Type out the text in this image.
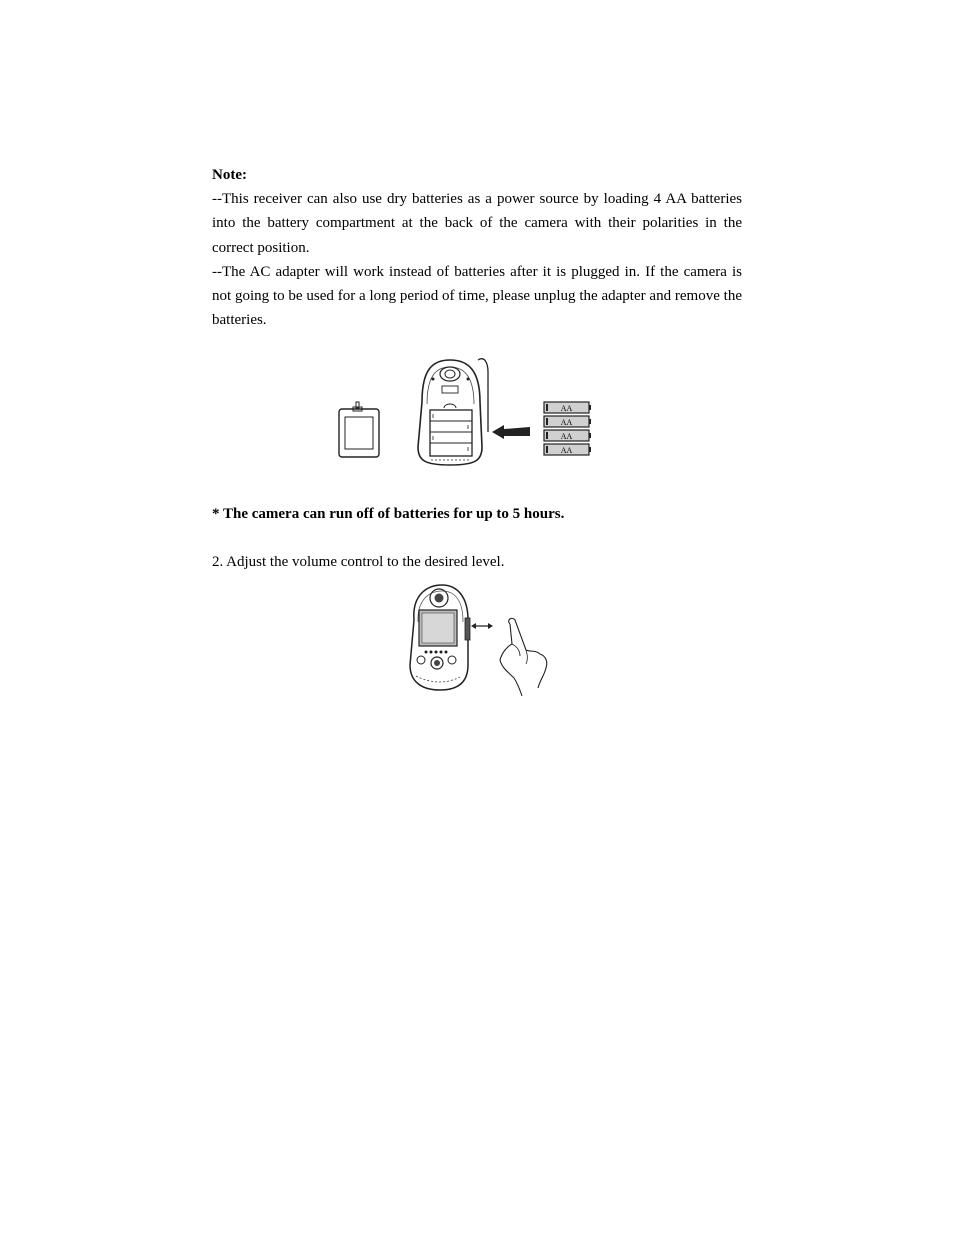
Note:

--This receiver can also use dry batteries as a power source by loading 4 AA batteries into the battery compartment at the back of the camera with their polarities in the correct position.

--The AC adapter will work instead of batteries after it is plugged in. If the camera is not going to be used for a long period of time, please unplug the adapter and remove the batteries.

AA
AA
AA
AA

* The camera can run off of batteries for up to 5 hours.

2. Adjust the volume control to the desired level.
